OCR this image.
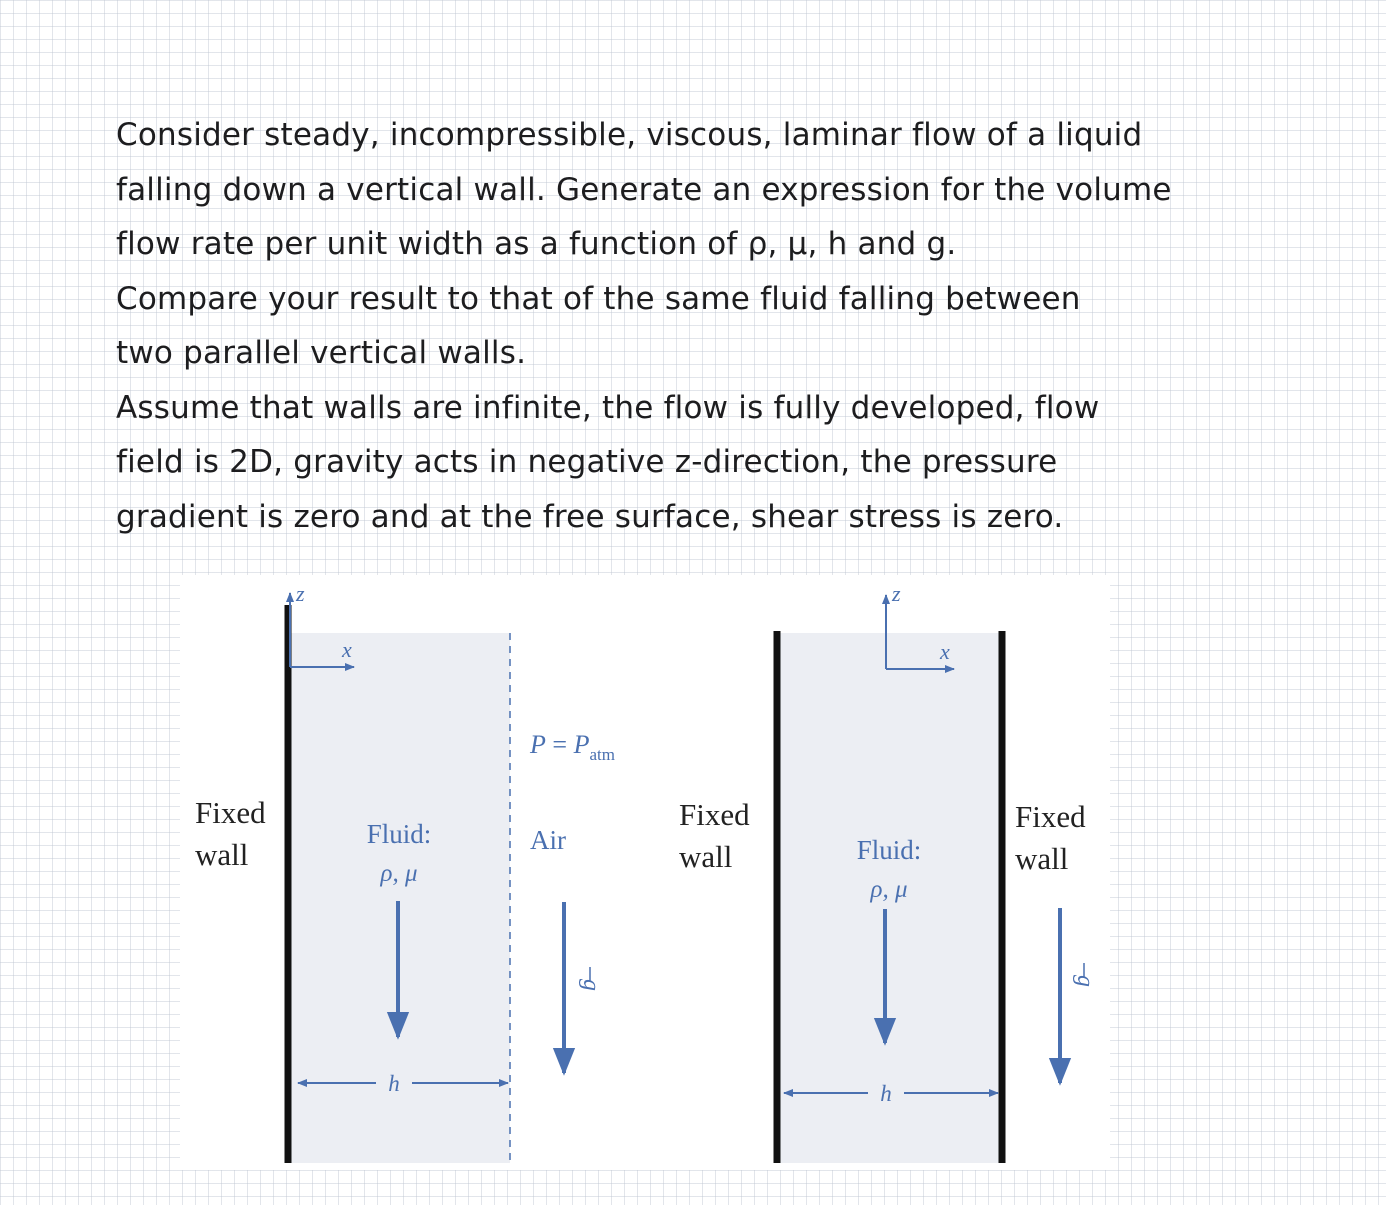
Consider steady, incompressible, viscous, laminar flow of a liquid
falling down a vertical wall. Generate an expression for the volume
flow rate per unit width as a function of ρ, μ, h and g.
Compare your result to that of the same fluid falling between
two parallel vertical walls.
Assume that walls are infinite, the flow is fully developed, flow
field is 2D, gravity acts in negative z-direction, the pressure
gradient is zero and at the free surface, shear stress is zero.
z
x
$P = P_{atm}$
Fixed
wall
Fluid:
ρ, μ
Air
g
h
z
x
Fixed
wall
Fixed
wall
Fluid:
ρ, μ
g
h
